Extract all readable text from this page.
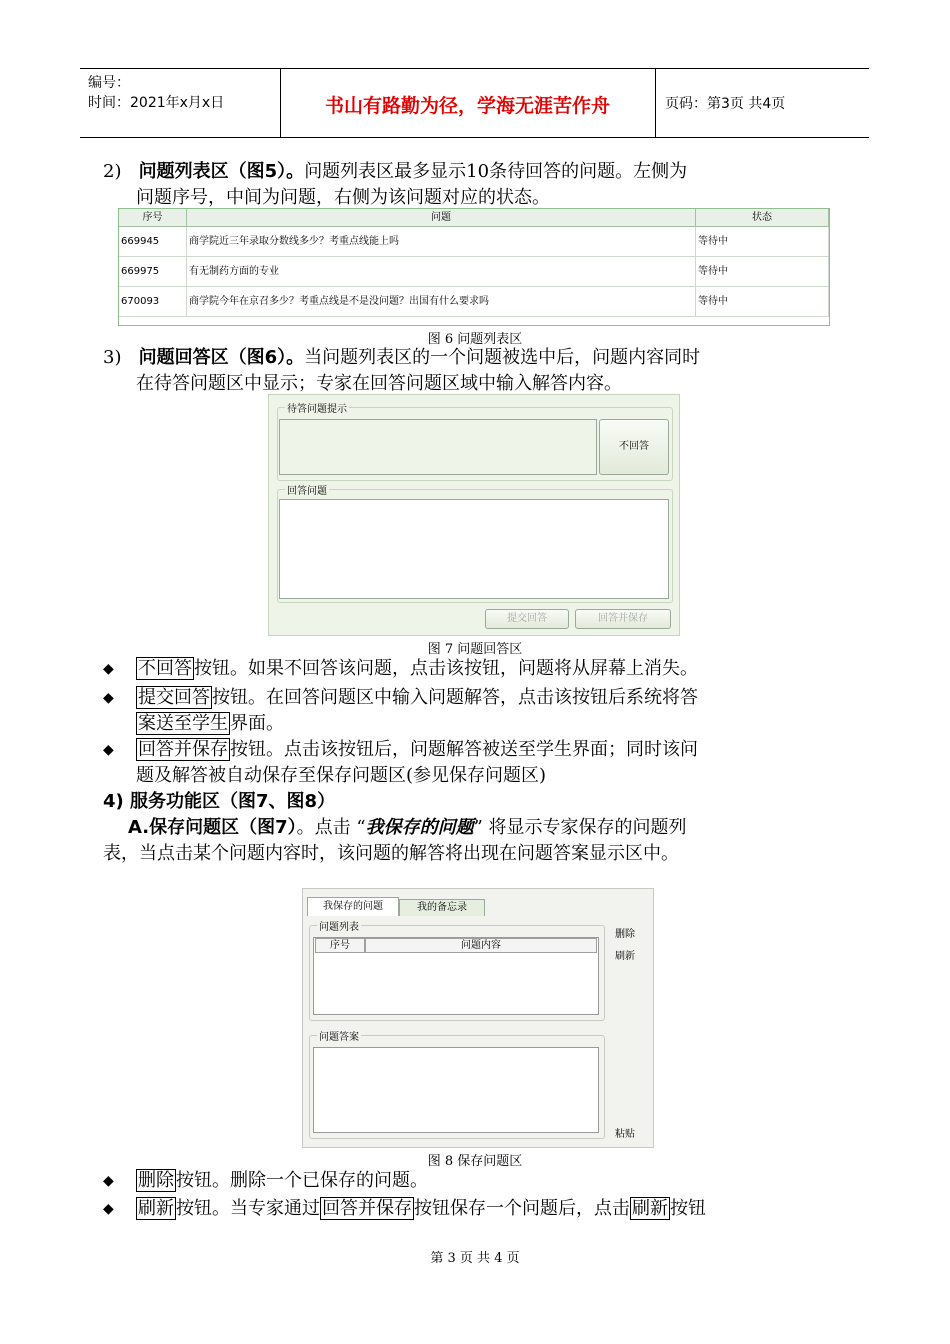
编号：
时间：2021年x月x日	书山有路勤为径，学海无涯苦作舟	页码：第3页 共4页
2) 问题列表区（图5）。问题列表区最多显示10条待回答的问题。左侧为
问题序号，中间为问题，右侧为该问题对应的状态。
序号	问题	状态
669945	商学院近三年录取分数线多少？考重点线能上吗	等待中
669975	有无制药方面的专业	等待中
670093	商学院今年在京召多少？考重点线是不是没问题？出国有什么要求吗	等待中
图 6 问题列表区
3) 问题回答区（图6）。当问题列表区的一个问题被选中后，问题内容同时
在待答问题区中显示；专家在回答问题区域中输入解答内容。
待答问题提示
不回答
回答问题
提交回答	回答并保存
图 7 问题回答区
◆ 不回答 按钮。如果不回答该问题，点击该按钮，问题将从屏幕上消失。
◆ 提交回答 按钮。在回答问题区中输入问题解答，点击该按钮后系统将答
案送至学生 界面。
◆ 回答并保存 按钮。点击该按钮后，问题解答被送至学生界面；同时该问
题及解答被自动保存至保存问题区(参见保存问题区)
4) 服务功能区（图7、图8）
A.保存问题区（图7）。点击 “我保存的问题” 将显示专家保存的问题列
表，当点击某个问题内容时，该问题的解答将出现在问题答案显示区中。
我保存的问题	我的备忘录
问题列表
序号	问题内容
删除
刷新
问题答案
粘贴
图 8 保存问题区
◆ 删除 按钮。删除一个已保存的问题。
◆ 刷新 按钮。当专家通过 回答并保存 按钮保存一个问题后，点击 刷新 按钮
第 3 页 共 4 页
